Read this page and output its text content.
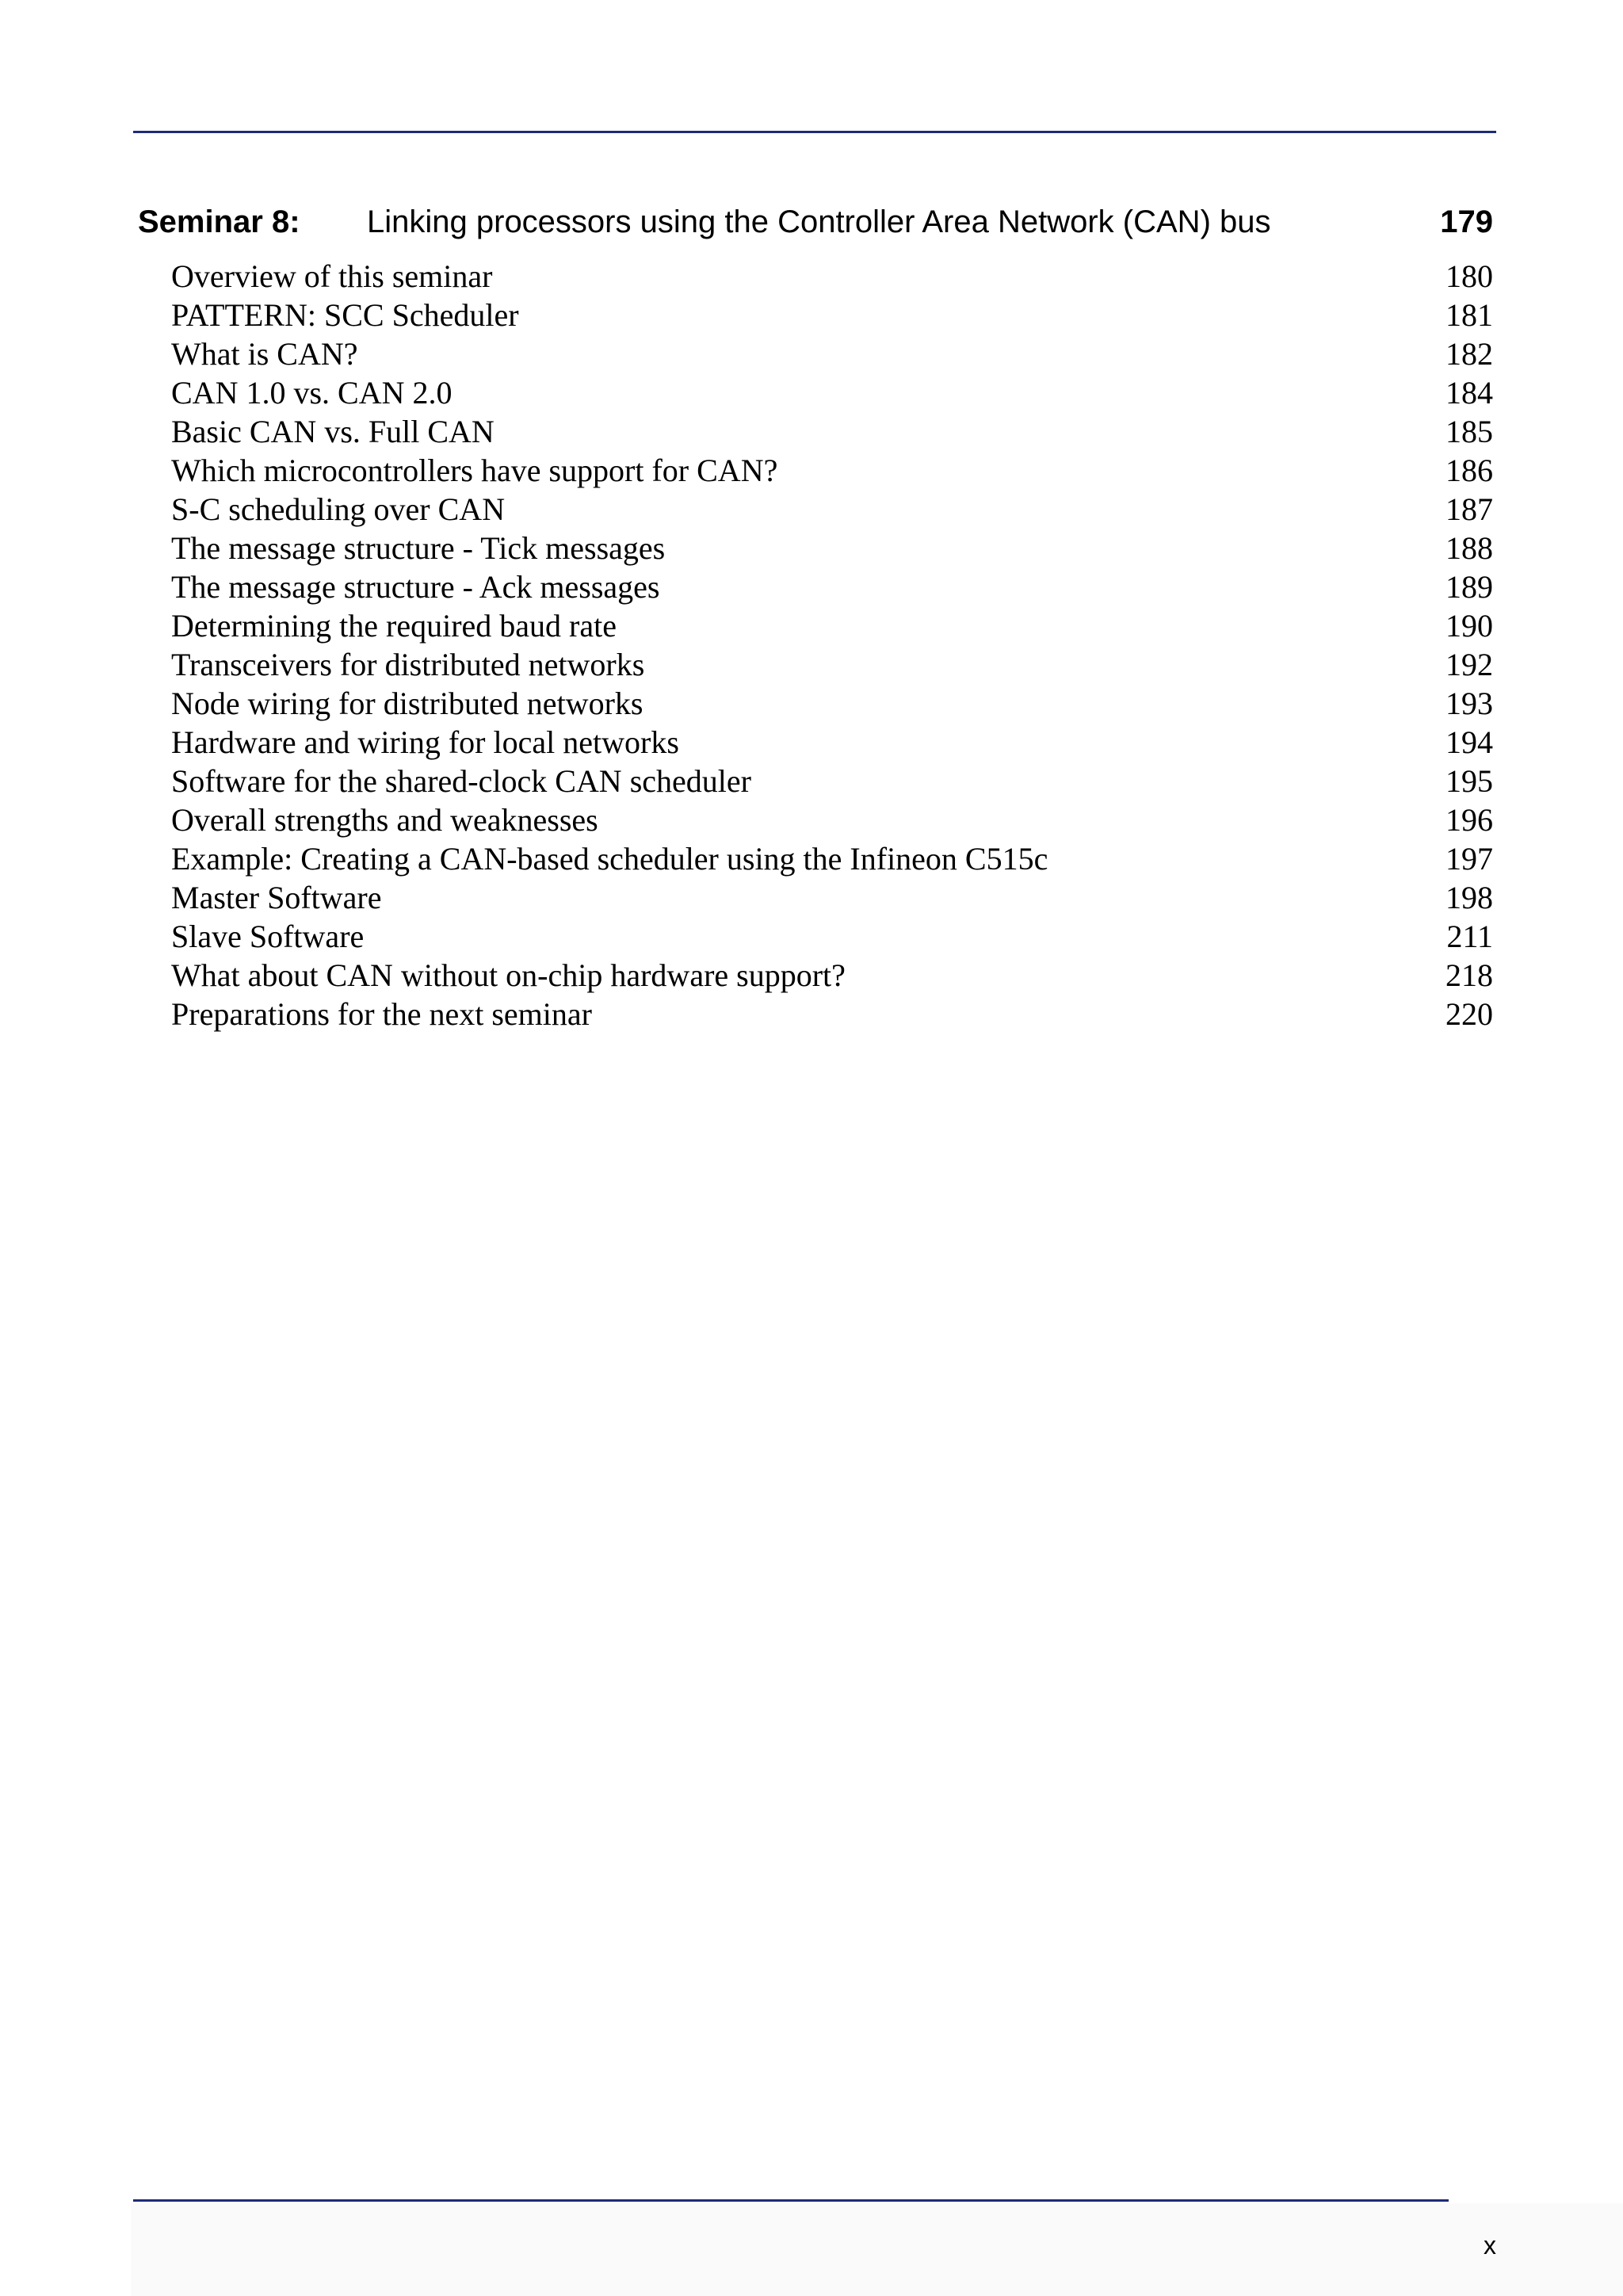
Seminar 8: Linking processors using the Controller Area Network (CAN) bus	179
Overview of this seminar	180
PATTERN: SCC Scheduler	181
What is CAN?	182
CAN 1.0 vs. CAN 2.0	184
Basic CAN vs. Full CAN	185
Which microcontrollers have support for CAN?	186
S-C scheduling over CAN	187
The message structure - Tick messages	188
The message structure - Ack messages	189
Determining the required baud rate	190
Transceivers for distributed networks	192
Node wiring for distributed networks	193
Hardware and wiring for local networks	194
Software for the shared-clock CAN scheduler	195
Overall strengths and weaknesses	196
Example: Creating a CAN-based scheduler using the Infineon C515c	197
Master Software	198
Slave Software	211
What about CAN without on-chip hardware support?	218
Preparations for the next seminar	220
x
